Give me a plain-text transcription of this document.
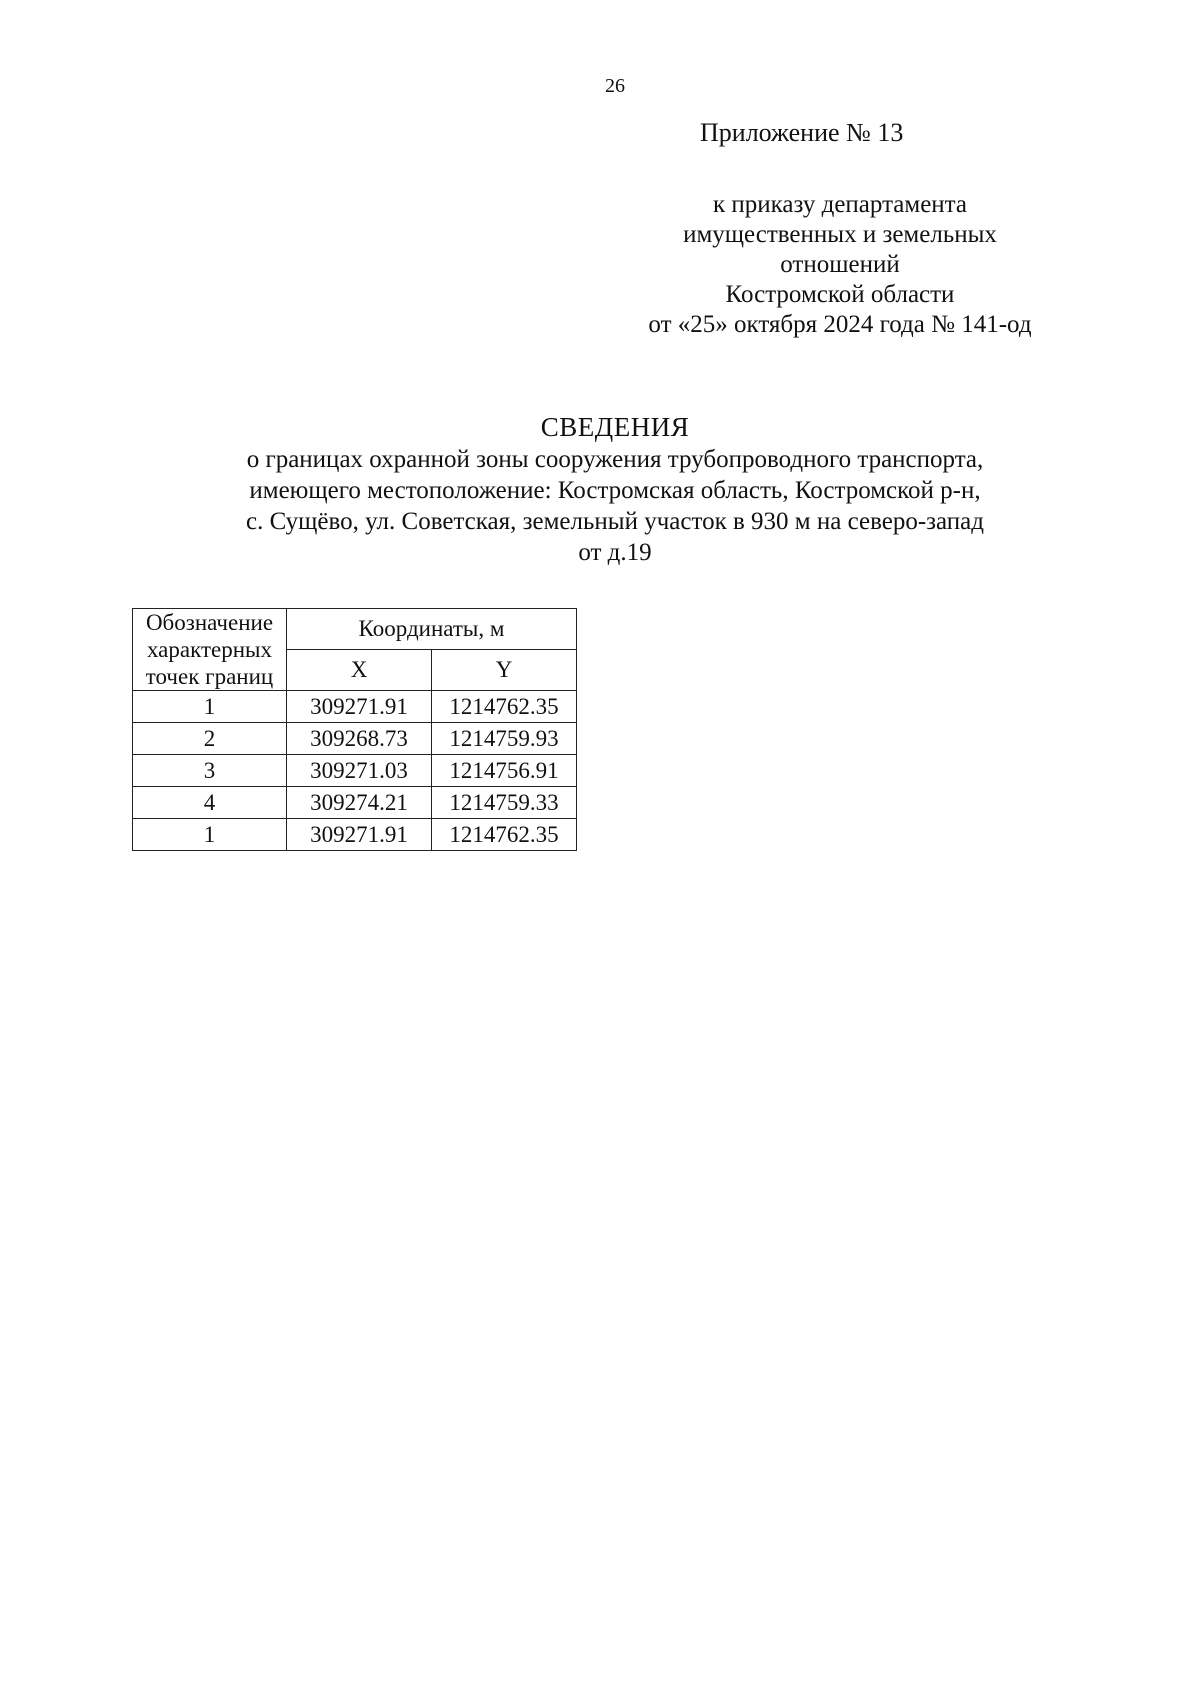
26
Приложение № 13
к приказу департамента
имущественных и земельных
отношений
Костромской области
от «25» октября 2024 года № 141-од
СВЕДЕНИЯ
о границах охранной зоны сооружения трубопроводного транспорта,
имеющего местоположение: Костромская область, Костромской р-н,
с. Сущёво, ул. Советская, земельный участок в 930 м на северо-запад
от д.19
Обозначение
характерных
точек границ	Координаты, м	
	X	Y
1	309271.91	1214762.35
2	309268.73	1214759.93
3	309271.03	1214756.91
4	309274.21	1214759.33
1	309271.91	1214762.35
